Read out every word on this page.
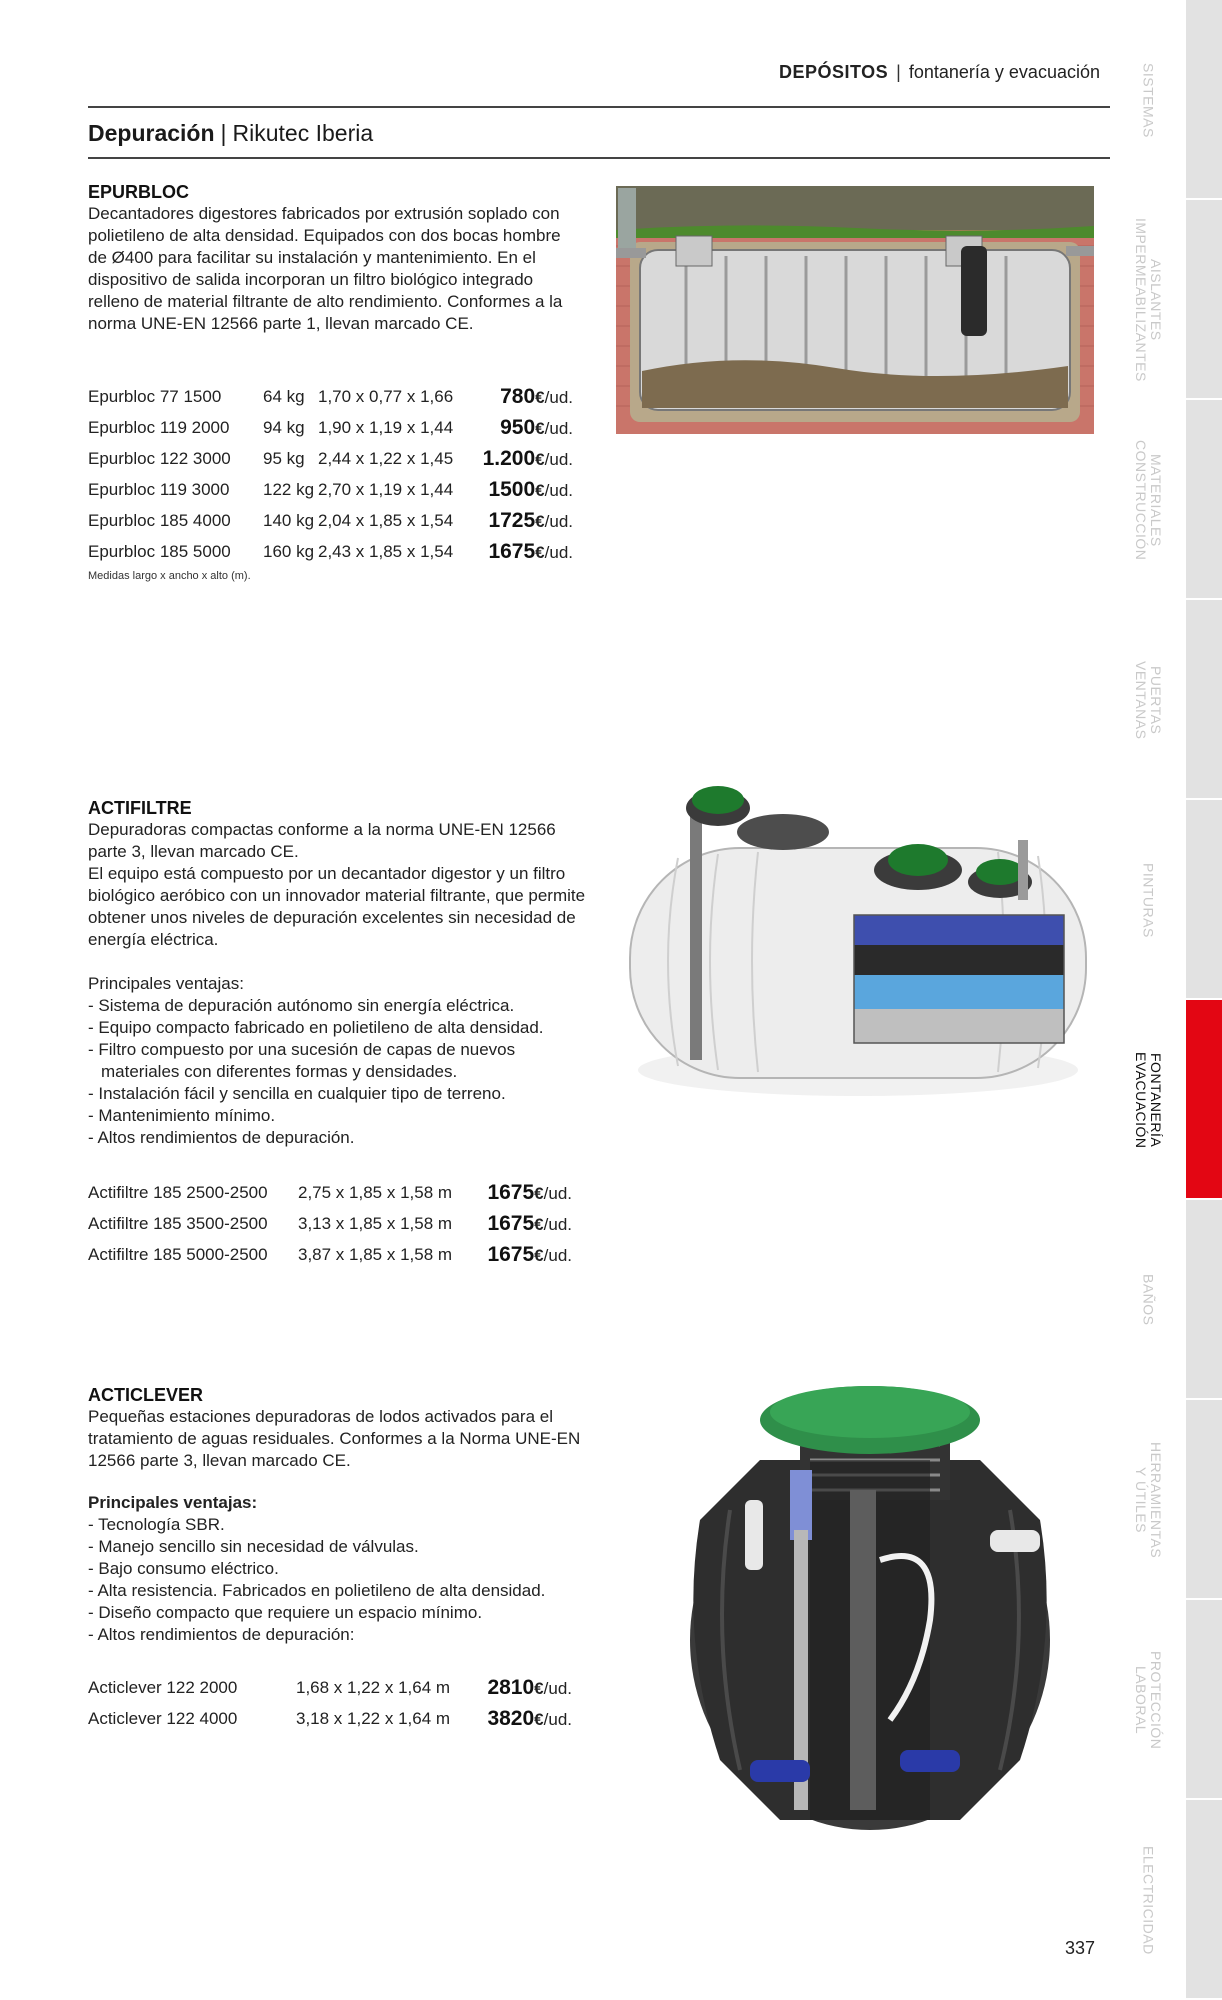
DEPÓSITOS | fontanería y evacuación
Depuración | Rikutec Iberia
EPURBLOC

Decantadores digestores fabricados por extrusión soplado con polietileno de alta densidad. Equipados con dos bocas hombre de Ø400 para facilitar su instalación y mantenimiento. En el dispositivo de salida incorporan un filtro biológico integrado relleno de material filtrante de alto rendimiento. Conformes a la norma UNE-EN 12566 parte 1, llevan marcado CE.

Epurbloc 77 1500	64 kg	1,70 x 0,77 x 1,66	780€/ud.
Epurbloc 119 2000	94 kg	1,90 x 1,19 x 1,44	950€/ud.
Epurbloc 122 3000	95 kg	2,44 x 1,22 x 1,45	1.200€/ud.
Epurbloc 119 3000	122 kg	2,70 x 1,19 x 1,44	1500€/ud.
Epurbloc 185 4000	140 kg	2,04 x 1,85 x 1,54	1725€/ud.
Epurbloc 185 5000	160 kg	2,43 x 1,85 x 1,54	1675€/ud.
Medidas largo x ancho x alto (m).
ACTIFILTRE

Depuradoras compactas conforme a la norma UNE-EN 12566 parte 3, llevan marcado CE.

El equipo está compuesto por un decantador digestor y un filtro biológico aeróbico con un innovador material filtrante, que permite obtener unos niveles de depuración excelentes sin necesidad de energía eléctrica.

Principales ventajas:

- Sistema de depuración autónomo sin energía eléctrica.
- Equipo compacto fabricado en polietileno de alta densidad.
- Filtro compuesto por una sucesión de capas de nuevos materiales con diferentes formas y densidades.
- Instalación fácil y sencilla en cualquier tipo de terreno.
- Mantenimiento mínimo.
- Altos rendimientos de depuración.
Actifiltre 185 2500-2500	2,75 x 1,85 x 1,58 m	1675€/ud.
Actifiltre 185 3500-2500	3,13 x 1,85 x 1,58 m	1675€/ud.
Actifiltre 185 5000-2500	3,87 x 1,85 x 1,58 m	1675€/ud.
ACTICLEVER

Pequeñas estaciones depuradoras de lodos activados para el tratamiento de aguas residuales. Conformes a la Norma UNE-EN 12566 parte 3, llevan marcado CE.

Principales ventajas:

- Tecnología SBR.
- Manejo sencillo sin necesidad de válvulas.
- Bajo consumo eléctrico.
- Alta resistencia. Fabricados en polietileno de alta densidad.
- Diseño compacto que requiere un espacio mínimo.
- Altos rendimientos de depuración:
Acticlever 122 2000	1,68 x 1,22 x 1,64 m	2810€/ud.
Acticlever 122 4000	3,18 x 1,22 x 1,64 m	3820€/ud.
SISTEMAS
AISLANTES
IMPERMEABILIZANTES
MATERIALES
CONSTRUCCIÓN
PUERTAS
VENTANAS
PINTURAS
FONTANERÍA
EVACUACIÓN
BAÑOS
HERRAMIENTAS
Y ÚTILES
PROTECCIÓN
LABORAL
ELECTRICIDAD
337
